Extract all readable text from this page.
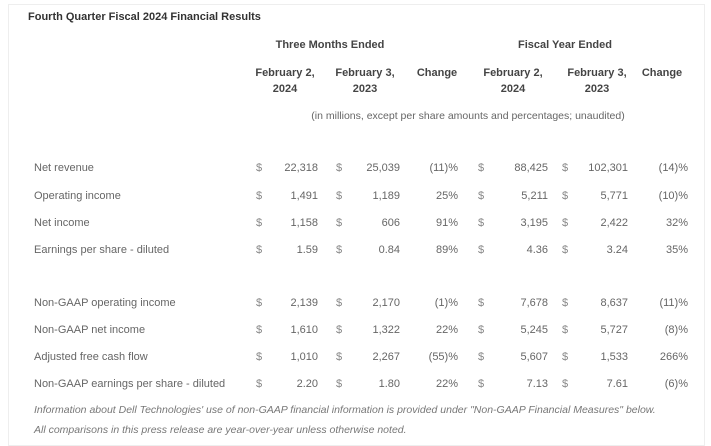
Fourth Quarter Fiscal 2024 Financial Results
Three Months Ended	Fiscal Year Ended
February 2,
2024
February 3,
2023
Change	February 2,
2024
February 3,
2023
Change
(in millions, except per share amounts and percentages; unaudited)
Net revenue	$	22,318 $	25,039	(11)% $	88,425 $	102,301	(14)%
Operating income	$	1,491 $	1,189	25% $	5,211 $	5,771	(10)%
Net income	$	1,158 $	606	91% $	3,195 $	2,422	32%
Earnings per share - diluted	$	1.59 $	0.84	89% $	4.36 $	3.24	35%
Non-GAAP operating income	$	2,139 $	2,170	(1)% $	7,678 $	8,637	(11)%
Non-GAAP net income	$	1,610 $	1,322	22% $	5,245 $	5,727	(8)%
Adjusted free cash flow	$	1,010 $	2,267	(55)% $	5,607 $	1,533	266%
Non-GAAP earnings per share - diluted	$	2.20 $	1.80	22% $	7.13 $	7.61	(6)%
Information about Dell Technologies' use of non-GAAP financial information is provided under "Non-GAAP Financial Measures" below.
All comparisons in this press release are year-over-year unless otherwise noted.
